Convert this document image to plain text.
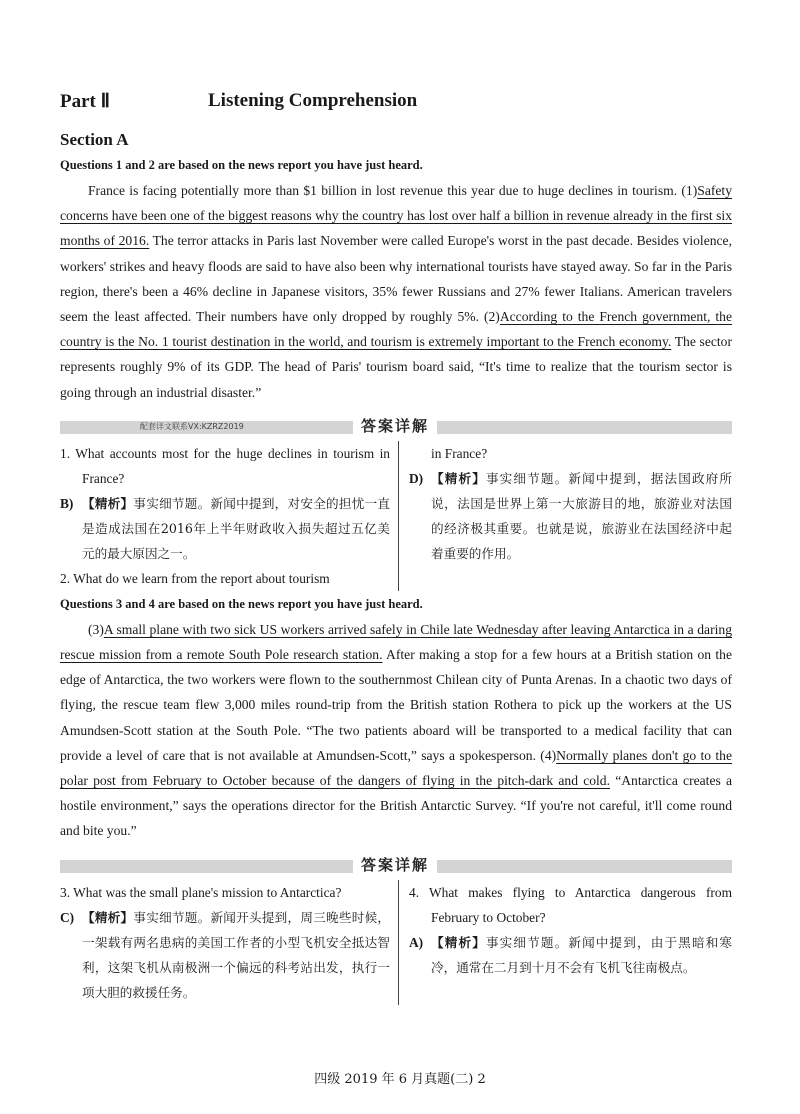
Part Ⅱ	Listening Comprehension
Section A
Questions 1 and 2 are based on the news report you have just heard.

France is facing potentially more than $1 billion in lost revenue this year due to huge declines in tourism. (1)Safety concerns have been one of the biggest reasons why the country has lost over half a billion in revenue already in the first six months of 2016. The terror attacks in Paris last November were called Europe's worst in the past decade. Besides violence, workers' strikes and heavy floods are said to have also been why international tourists have stayed away. So far in the Paris region, there's been a 46% decline in Japanese visitors, 35% fewer Russians and 27% fewer Italians. American travelers seem the least affected. Their numbers have only dropped by roughly 5%. (2)According to the French government, the country is the No. 1 tourist destination in the world, and tourism is extremely important to the French economy. The sector represents roughly 9% of its GDP. The head of Paris' tourism board said, “It's time to realize that the tourism sector is going through an industrial disaster.”

配套详文联系VX:KZRZ2019	答案详解
1. What accounts most for the huge declines in tourism in France?
B) 【精析】事实细节题。新闻中提到，对安全的担忧一直是造成法国在2016年上半年财政收入损失超过五亿美元的最大原因之一。
2. What do we learn from the report about tourism
in France?
D) 【精析】事实细节题。新闻中提到，据法国政府所说，法国是世界上第一大旅游目的地，旅游业对法国的经济极其重要。也就是说，旅游业在法国经济中起着重要的作用。
Questions 3 and 4 are based on the news report you have just heard.

(3)A small plane with two sick US workers arrived safely in Chile late Wednesday after leaving Antarctica in a daring rescue mission from a remote South Pole research station. After making a stop for a few hours at a British station on the edge of Antarctica, the two workers were flown to the southernmost Chilean city of Punta Arenas. In a chaotic two days of flying, the rescue team flew 3,000 miles round-trip from the British station Rothera to pick up the workers at the US Amundsen-Scott station at the South Pole. “The two patients aboard will be transported to a medical facility that can provide a level of care that is not available at Amundsen-Scott,” says a spokesperson. (4)Normally planes don't go to the polar post from February to October because of the dangers of flying in the pitch-dark and cold. “Antarctica creates a hostile environment,” says the operations director for the British Antarctic Survey. “If you're not careful, it'll come round and bite you.”

答案详解
3. What was the small plane's mission to Antarctica?
C) 【精析】事实细节题。新闻开头提到，周三晚些时候，一架载有两名患病的美国工作者的小型飞机安全抵达智利，这架飞机从南极洲一个偏远的科考站出发，执行一项大胆的救援任务。
4. What makes flying to Antarctica dangerous from February to October?
A) 【精析】事实细节题。新闻中提到，由于黑暗和寒冷，通常在二月到十月不会有飞机飞往南极点。
四级 2019 年 6 月真题(二) 2
